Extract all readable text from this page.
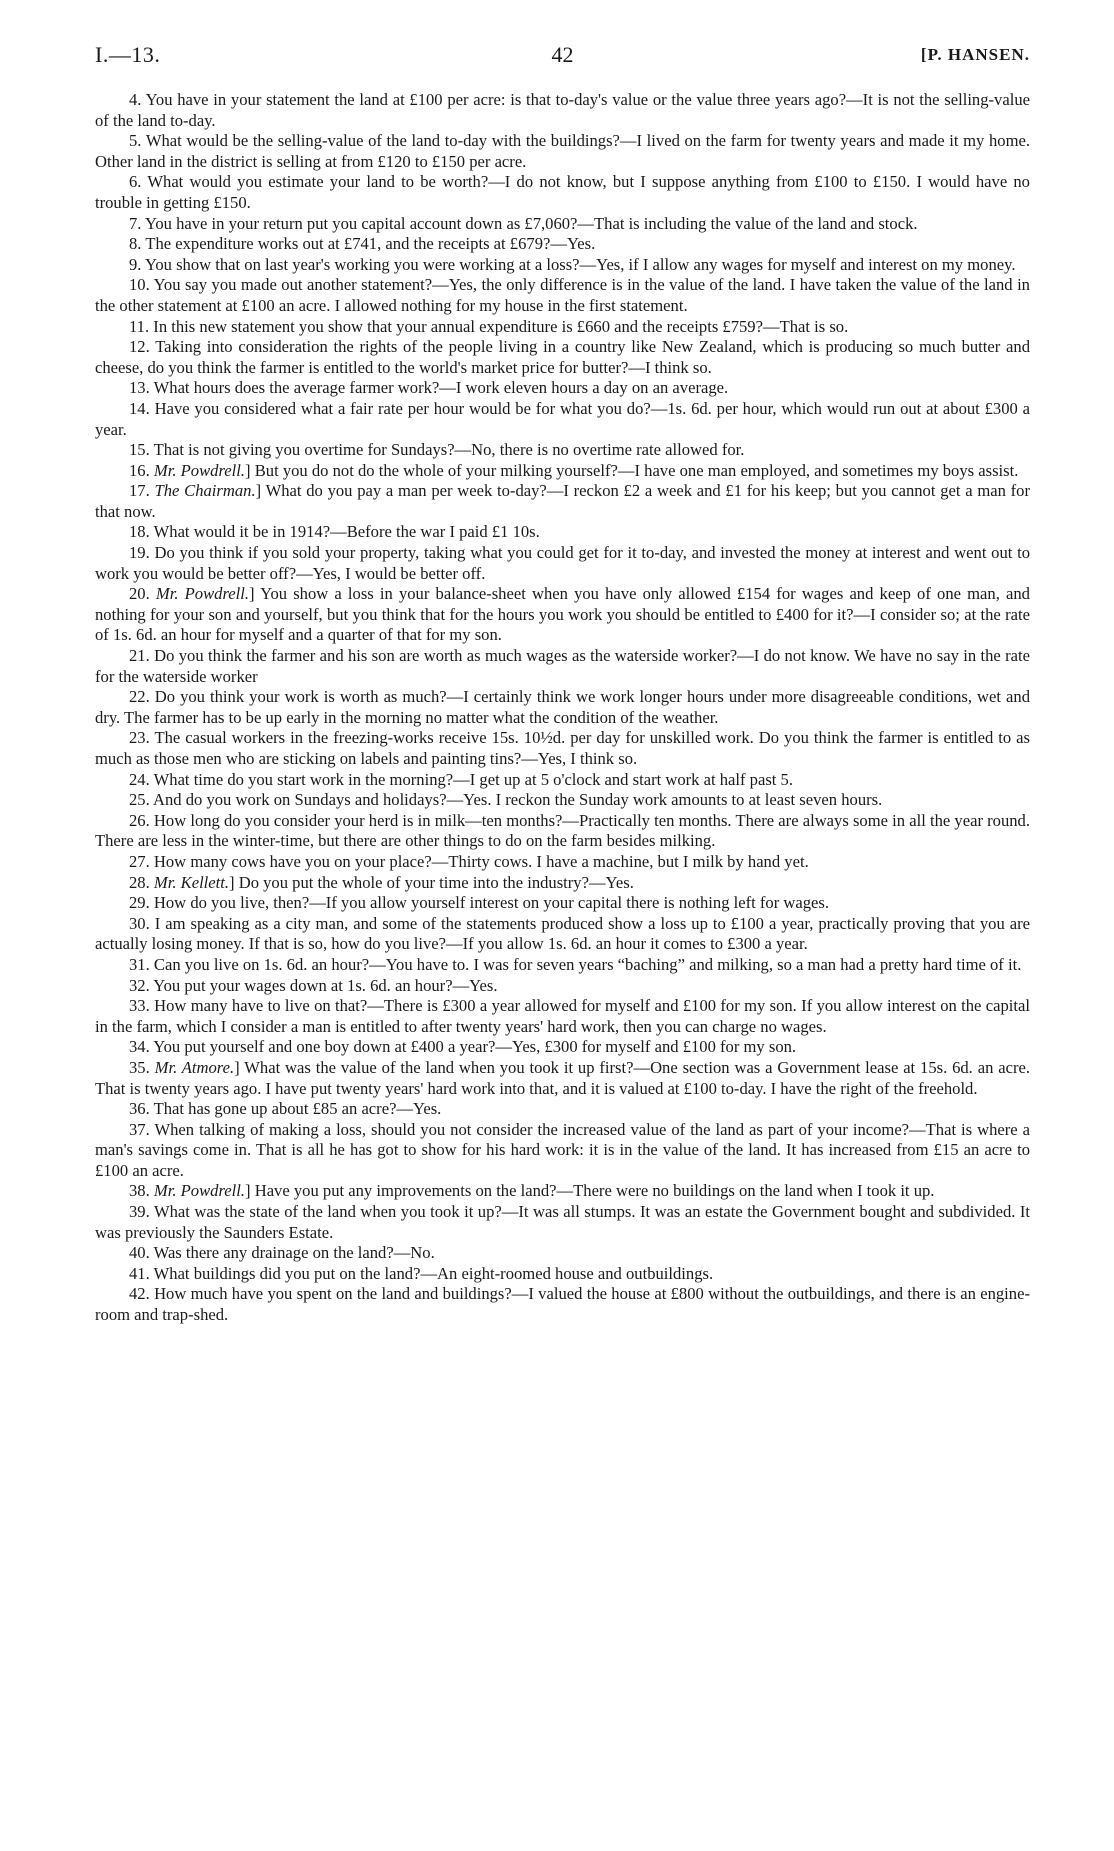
I.—13.	42	[P. HANSEN.

4. You have in your statement the land at £100 per acre: is that to-day's value or the value three years ago?—It is not the selling-value of the land to-day.

5. What would be the selling-value of the land to-day with the buildings?—I lived on the farm for twenty years and made it my home. Other land in the district is selling at from £120 to £150 per acre.

6. What would you estimate your land to be worth?—I do not know, but I suppose anything from £100 to £150. I would have no trouble in getting £150.

7. You have in your return put you capital account down as £7,060?—That is including the value of the land and stock.

8. The expenditure works out at £741, and the receipts at £679?—Yes.

9. You show that on last year's working you were working at a loss?—Yes, if I allow any wages for myself and interest on my money.

10. You say you made out another statement?—Yes, the only difference is in the value of the land. I have taken the value of the land in the other statement at £100 an acre. I allowed nothing for my house in the first statement.

11. In this new statement you show that your annual expenditure is £660 and the receipts £759?—That is so.

12. Taking into consideration the rights of the people living in a country like New Zealand, which is producing so much butter and cheese, do you think the farmer is entitled to the world's market price for butter?—I think so.

13. What hours does the average farmer work?—I work eleven hours a day on an average.

14. Have you considered what a fair rate per hour would be for what you do?—1s. 6d. per hour, which would run out at about £300 a year.

15. That is not giving you overtime for Sundays?—No, there is no overtime rate allowed for.

16. Mr. Powdrell.] But you do not do the whole of your milking yourself?—I have one man employed, and sometimes my boys assist.

17. The Chairman.] What do you pay a man per week to-day?—I reckon £2 a week and £1 for his keep; but you cannot get a man for that now.

18. What would it be in 1914?—Before the war I paid £1 10s.

19. Do you think if you sold your property, taking what you could get for it to-day, and invested the money at interest and went out to work you would be better off?—Yes, I would be better off.

20. Mr. Powdrell.] You show a loss in your balance-sheet when you have only allowed £154 for wages and keep of one man, and nothing for your son and yourself, but you think that for the hours you work you should be entitled to £400 for it?—I consider so; at the rate of 1s. 6d. an hour for myself and a quarter of that for my son.

21. Do you think the farmer and his son are worth as much wages as the waterside worker?—I do not know. We have no say in the rate for the waterside worker

22. Do you think your work is worth as much?—I certainly think we work longer hours under more disagreeable conditions, wet and dry. The farmer has to be up early in the morning no matter what the condition of the weather.

23. The casual workers in the freezing-works receive 15s. 10½d. per day for unskilled work. Do you think the farmer is entitled to as much as those men who are sticking on labels and painting tins?—Yes, I think so.

24. What time do you start work in the morning?—I get up at 5 o'clock and start work at half past 5.

25. And do you work on Sundays and holidays?—Yes. I reckon the Sunday work amounts to at least seven hours.

26. How long do you consider your herd is in milk—ten months?—Practically ten months. There are always some in all the year round. There are less in the winter-time, but there are other things to do on the farm besides milking.

27. How many cows have you on your place?—Thirty cows. I have a machine, but I milk by hand yet.

28. Mr. Kellett.] Do you put the whole of your time into the industry?—Yes.

29. How do you live, then?—If you allow yourself interest on your capital there is nothing left for wages.

30. I am speaking as a city man, and some of the statements produced show a loss up to £100 a year, practically proving that you are actually losing money. If that is so, how do you live?—If you allow 1s. 6d. an hour it comes to £300 a year.

31. Can you live on 1s. 6d. an hour?—You have to. I was for seven years “baching” and milking, so a man had a pretty hard time of it.

32. You put your wages down at 1s. 6d. an hour?—Yes.

33. How many have to live on that?—There is £300 a year allowed for myself and £100 for my son. If you allow interest on the capital in the farm, which I consider a man is entitled to after twenty years' hard work, then you can charge no wages.

34. You put yourself and one boy down at £400 a year?—Yes, £300 for myself and £100 for my son.

35. Mr. Atmore.] What was the value of the land when you took it up first?—One section was a Government lease at 15s. 6d. an acre. That is twenty years ago. I have put twenty years' hard work into that, and it is valued at £100 to-day. I have the right of the freehold.

36. That has gone up about £85 an acre?—Yes.

37. When talking of making a loss, should you not consider the increased value of the land as part of your income?—That is where a man's savings come in. That is all he has got to show for his hard work: it is in the value of the land. It has increased from £15 an acre to £100 an acre.

38. Mr. Powdrell.] Have you put any improvements on the land?—There were no buildings on the land when I took it up.

39. What was the state of the land when you took it up?—It was all stumps. It was an estate the Government bought and subdivided. It was previously the Saunders Estate.

40. Was there any drainage on the land?—No.

41. What buildings did you put on the land?—An eight-roomed house and outbuildings.

42. How much have you spent on the land and buildings?—I valued the house at £800 without the outbuildings, and there is an engine-room and trap-shed.
